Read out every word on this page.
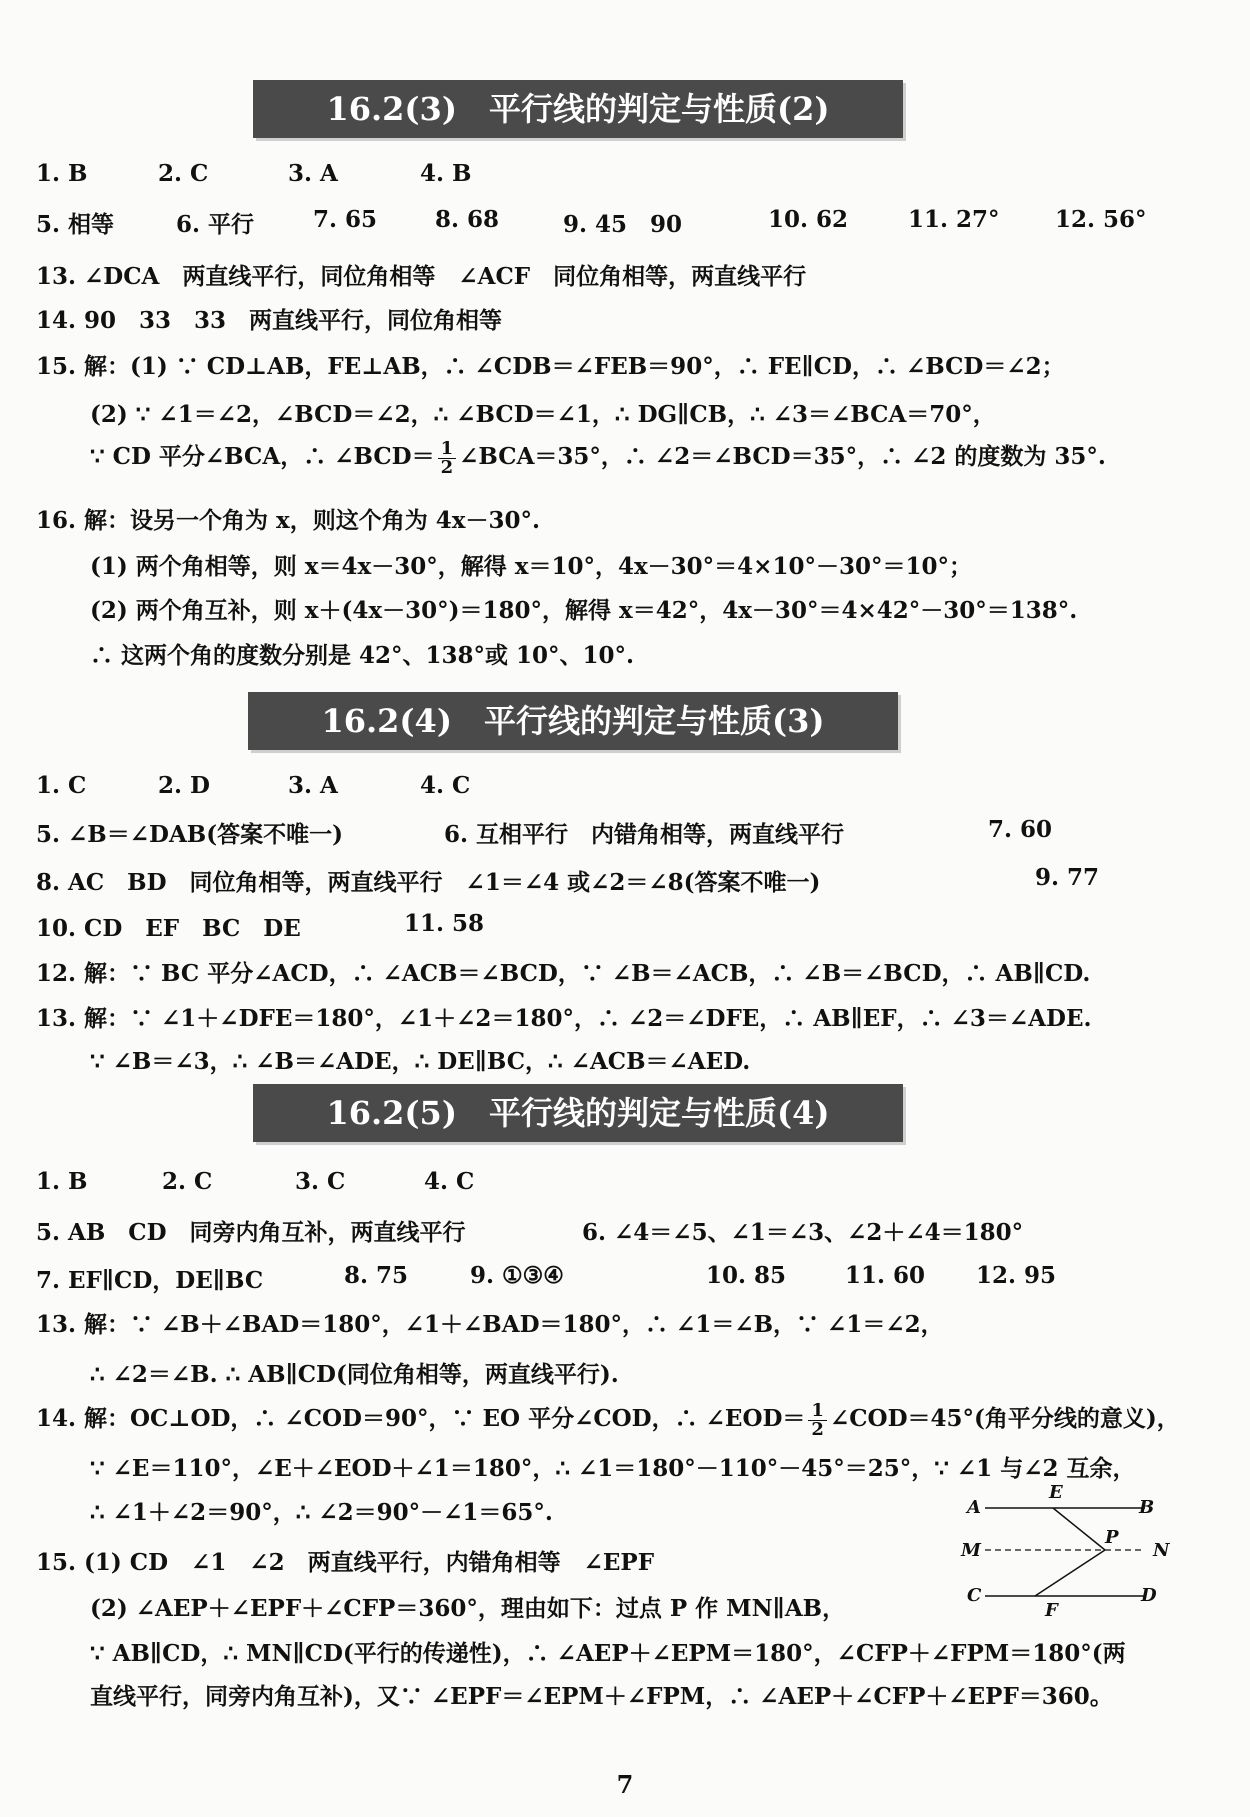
16.2(3)　平行线的判定与性质(2)
1. B	2. C	3. A	4. B
5. 相等	6. 平行	7. 65	8. 68	9. 45　90	10. 62	11. 27° 12. 56°
13. ∠DCA　两直线平行，同位角相等　∠ACF　同位角相等，两直线平行
14. 90　33　33　两直线平行，同位角相等
15. 解：(1) ∵ CD⊥AB，FE⊥AB，∴ ∠CDB＝∠FEB＝90°，∴ FE∥CD，∴ ∠BCD＝∠2；
(2) ∵ ∠1＝∠2，∠BCD＝∠2，∴ ∠BCD＝∠1，∴ DG∥CB，∴ ∠3＝∠BCA＝70°，
∵ CD 平分∠BCA，∴ ∠BCD＝ $\frac{1}{2}$ ∠BCA＝35°，∴ ∠2＝∠BCD＝35°，∴ ∠2 的度数为 35°.
16. 解：设另一个角为 x，则这个角为 4x－30°.
(1) 两个角相等，则 x＝4x－30°，解得 x＝10°，4x－30°＝4×10°－30°＝10°；
(2) 两个角互补，则 x＋(4x－30°)＝180°，解得 x＝42°，4x－30°＝4×42°－30°＝138°.
∴ 这两个角的度数分别是 42°、138°或 10°、10°.
16.2(4)　平行线的判定与性质(3)
1. C	2. D	3. A	4. C
5. ∠B＝∠DAB(答案不唯一)	6. 互相平行　内错角相等，两直线平行	7. 60
8. AC　BD　同位角相等，两直线平行　∠1＝∠4 或∠2＝∠8(答案不唯一)	9. 77
10. CD　EF　BC　DE	11. 58
12. 解：∵ BC 平分∠ACD，∴ ∠ACB＝∠BCD，∵ ∠B＝∠ACB，∴ ∠B＝∠BCD，∴ AB∥CD.
13. 解：∵ ∠1＋∠DFE＝180°，∠1＋∠2＝180°，∴ ∠2＝∠DFE，∴ AB∥EF，∴ ∠3＝∠ADE.
∵ ∠B＝∠3，∴ ∠B＝∠ADE，∴ DE∥BC，∴ ∠ACB＝∠AED.
16.2(5)　平行线的判定与性质(4)
1. B	2. C	3. C	4. C
5. AB　CD　同旁内角互补，两直线平行	6. ∠4＝∠5、∠1＝∠3、∠2＋∠4＝180°
7. EF∥CD，DE∥BC	8. 75	9. ①③④	10. 85	11. 60 12. 95
13. 解：∵ ∠B＋∠BAD＝180°，∠1＋∠BAD＝180°，∴ ∠1＝∠B，∵ ∠1＝∠2，
∴ ∠2＝∠B. ∴ AB∥CD(同位角相等，两直线平行).
14. 解：OC⊥OD，∴ ∠COD＝90°，∵ EO 平分∠COD，∴ ∠EOD＝ $\frac{1}{2}$ ∠COD＝45°(角平分线的意义)，
∵ ∠E＝110°，∠E＋∠EOD＋∠1＝180°，∴ ∠1＝180°－110°－45°＝25°，∵ ∠1 与∠2 互余，
∴ ∠1＋∠2＝90°，∴ ∠2＝90°－∠1＝65°.
15. (1) CD　∠1　∠2　两直线平行，内错角相等　∠EPF
(2) ∠AEP＋∠EPF＋∠CFP＝360°，理由如下：过点 P 作 MN∥AB，
∵ AB∥CD，∴ MN∥CD(平行的传递性)，∴ ∠AEP＋∠EPM＝180°，∠CFP＋∠FPM＝180°(两
直线平行，同旁内角互补)，又∵ ∠EPF＝∠EPM＋∠FPM，∴ ∠AEP＋∠CFP＋∠EPF＝360。
A	B
E
M
P
N
C	D
F
7
